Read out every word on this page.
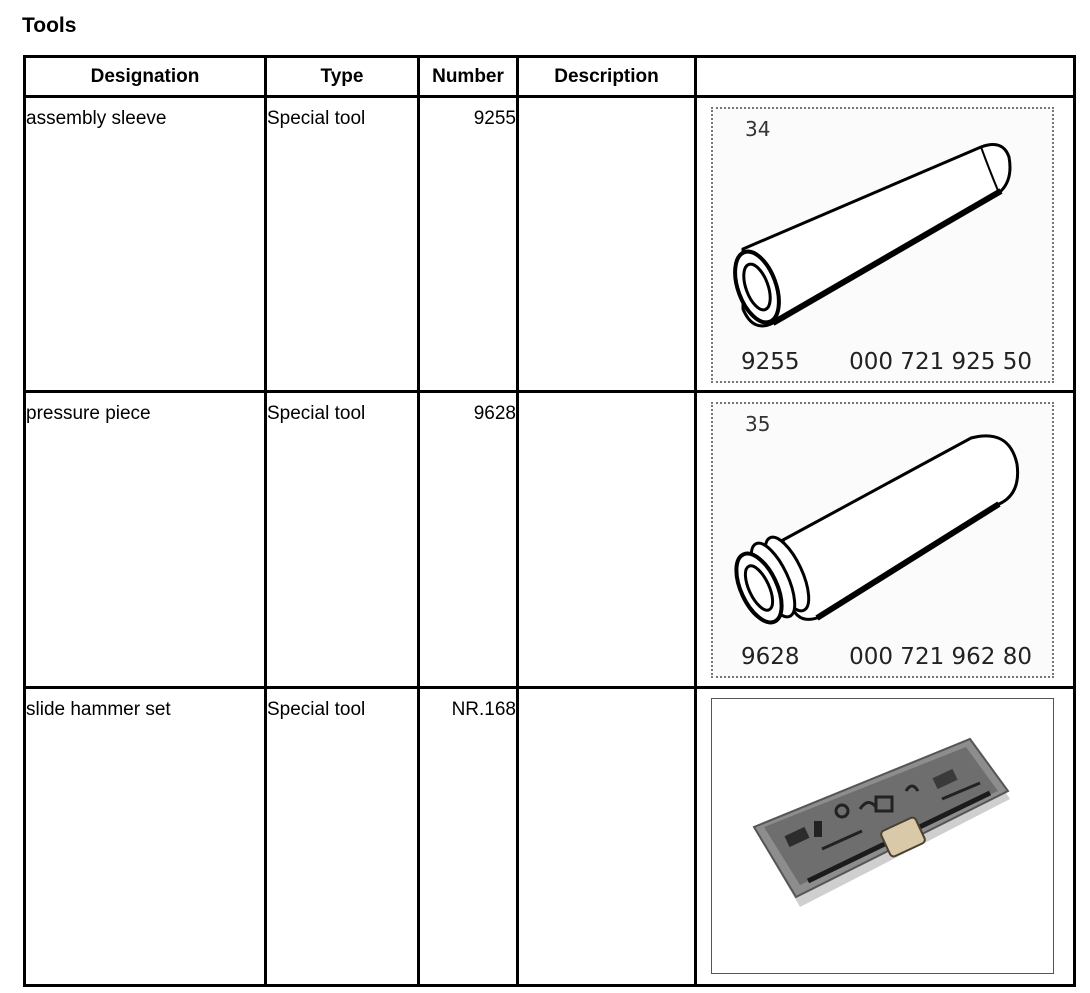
Tools
Designation	Type	Number	Description	
assembly sleeve	Special tool	9255		34
9255 000 721 925 50

pressure piece	Special tool	9628		35
9628 000 721 962 80

slide hammer set	Special tool	NR.168		
